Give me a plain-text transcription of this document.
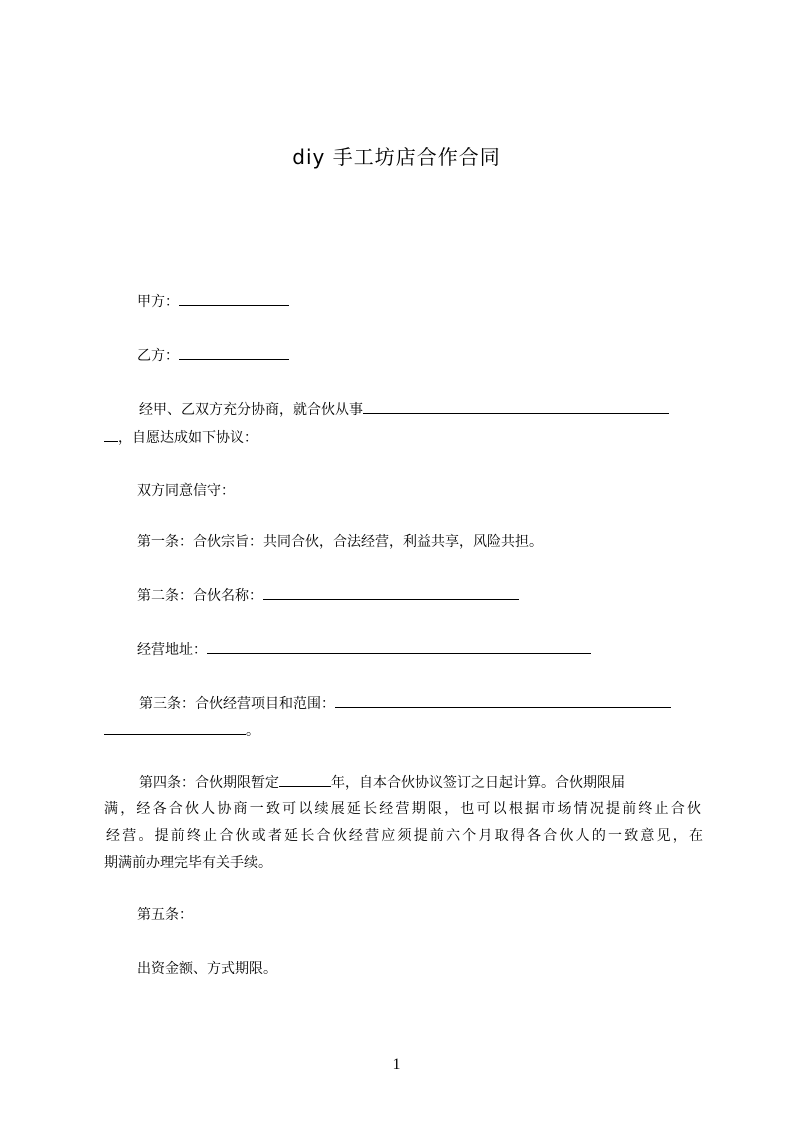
diy 手工坊店合作合同
甲方：
乙方：
经甲、乙双方充分协商，就合伙从事
，自愿达成如下协议：
双方同意信守：
第一条：合伙宗旨：共同合伙，合法经营，利益共享，风险共担。
第二条：合伙名称：
经营地址：
第三条：合伙经营项目和范围：
。
第四条：合伙期限暂定	年，自本合伙协议签订之日起计算。合伙期限届
满，经各合伙人协商一致可以续展延长经营期限，也可以根据市场情况提前终止合伙
经营。提前终止合伙或者延长合伙经营应须提前六个月取得各合伙人的一致意见，在
期满前办理完毕有关手续。
第五条：
出资金额、方式期限。
1
